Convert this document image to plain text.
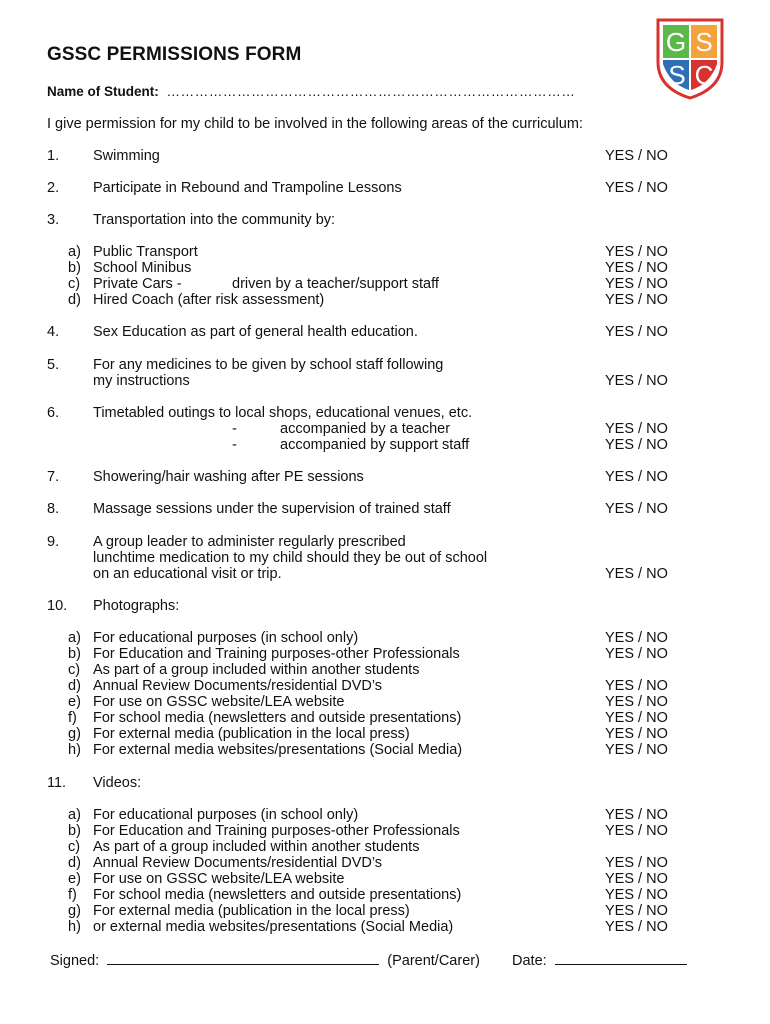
G S
S C
GSSC PERMISSIONS FORM
Name of Student: ……………………………………………………………………………
I give permission for my child to be involved in the following areas of the curriculum:
1. Swimming	YES / NO
2. Participate in Rebound and Trampoline Lessons	YES / NO
3. Transportation into the community by:
a) Public Transport	YES / NO
b) School Minibus	YES / NO
c) Private Cars -	driven by a teacher/support staff	YES / NO
d) Hired Coach (after risk assessment)	YES / NO
4. Sex Education as part of general health education.	YES / NO
5. For any medicines to be given by school staff following
my instructions	YES / NO
6. Timetabled outings to local shops, educational venues, etc.
-	accompanied by a teacher	YES / NO
-	accompanied by support staff	YES / NO
7. Showering/hair washing after PE sessions	YES / NO
8. Massage sessions under the supervision of trained staff	YES / NO
9. A group leader to administer regularly prescribed
lunchtime medication to my child should they be out of school
on an educational visit or trip.	YES / NO
10. Photographs:
a) For educational purposes (in school only)	YES / NO
b) For Education and Training purposes-other Professionals	YES / NO
c) As part of a group included within another students
d) Annual Review Documents/residential DVD’s	YES / NO
e) For use on GSSC website/LEA website	YES / NO
f) For school media (newsletters and outside presentations)	YES / NO
g) For external media (publication in the local press)	YES / NO
h) For external media websites/presentations (Social Media)	YES / NO
11. Videos:
a) For educational purposes (in school only)	YES / NO
b) For Education and Training purposes-other Professionals	YES / NO
c) As part of a group included within another students
d) Annual Review Documents/residential DVD’s	YES / NO
e) For use on GSSC website/LEA website	YES / NO
f) For school media (newsletters and outside presentations)	YES / NO
g) For external media (publication in the local press)	YES / NO
h) or external media websites/presentations (Social Media)	YES / NO
Signed:	(Parent/Carer) Date:
